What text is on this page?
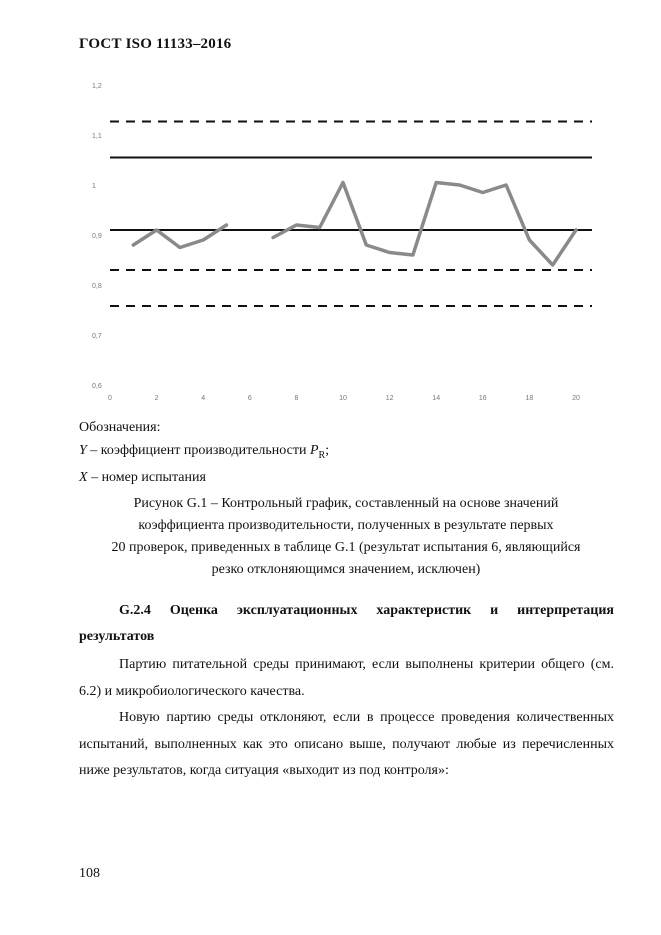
ГОСТ ISO 11133–2016
1,2
1,1
1
0,9
0,8
0,7
0,6
0	2	4	6	8	10	12	14	16	18	20
Обозначения:
Y – коэффициент производительности $P_R$;
X – номер испытания
Рисунок G.1 – Контрольный график, составленный на основе значений
коэффициента производительности, полученных в результате первых
20 проверок, приведенных в таблице G.1 (результат испытания 6, являющийся
резко отклоняющимся значением, исключен)
G.2.4 Оценка эксплуатационных характеристик и интерпретация результатов
Партию питательной среды принимают, если выполнены критерии общего (см. 6.2) и микробиологического качества.
Новую партию среды отклоняют, если в процессе проведения количественных испытаний, выполненных как это описано выше, получают любые из перечисленных ниже результатов, когда ситуация «выходит из под контроля»:
108
